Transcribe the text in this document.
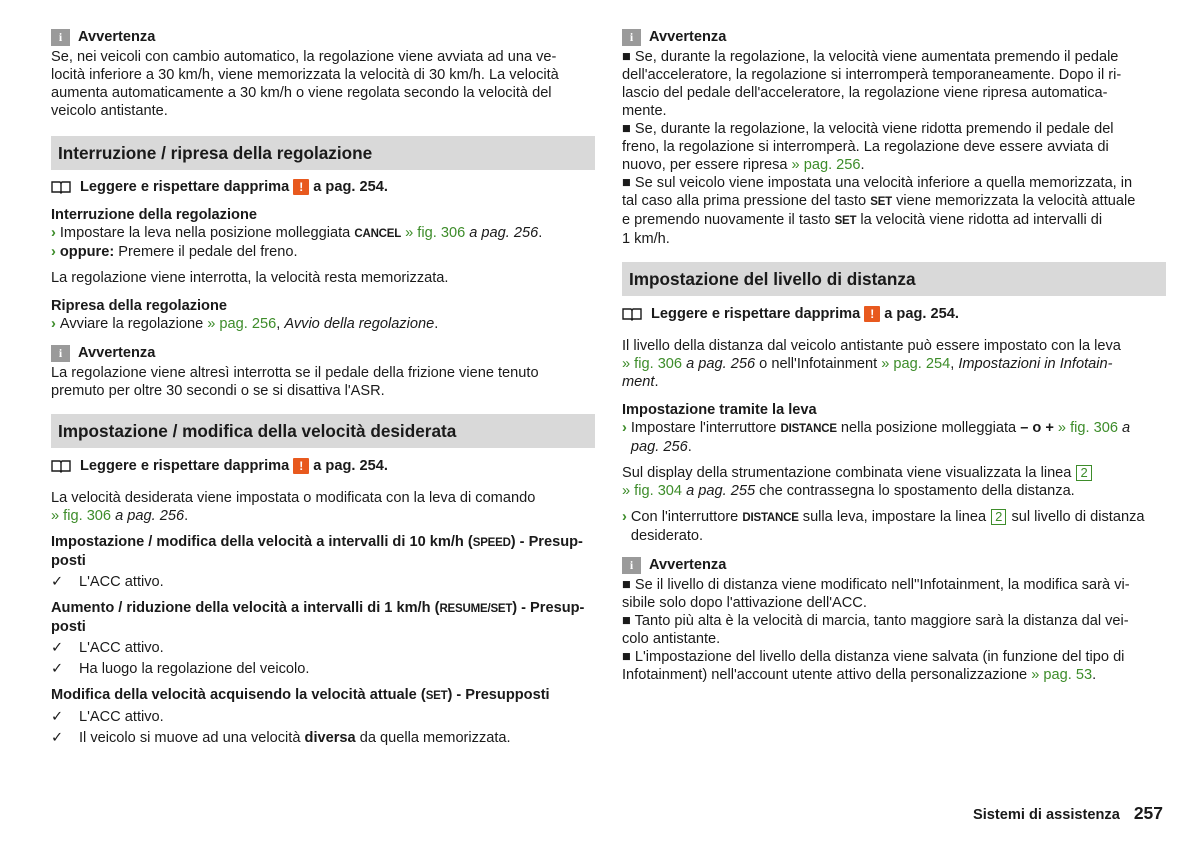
i	Avvertenza

Se, nei veicoli con cambio automatico, la regolazione viene avviata ad una ve-

locità inferiore a 30 km/h, viene memorizzata la velocità di 30 km/h. La velocità

aumenta automaticamente a 30 km/h o viene regolata secondo la velocità del

veicolo antistante.

Interruzione / ripresa della regolazione
Leggere e rispettare dapprima ! a pag. 254.

Interruzione della regolazione

› Impostare la leva nella posizione molleggiata CANCEL » fig. 306 a pag. 256.

› oppure: Premere il pedale del freno.

La regolazione viene interrotta, la velocità resta memorizzata.

Ripresa della regolazione

› Avviare la regolazione » pag. 256, Avvio della regolazione.

i	Avvertenza

La regolazione viene altresì interrotta se il pedale della frizione viene tenuto

premuto per oltre 30 secondi o se si disattiva l'ASR.

Impostazione / modifica della velocità desiderata
Leggere e rispettare dapprima ! a pag. 254.

La velocità desiderata viene impostata o modificata con la leva di comando

» fig. 306 a pag. 256.

Impostazione / modifica della velocità a intervalli di 10 km/h (SPEED) - Presup-

posti

✓	L'ACC attivo.

Aumento / riduzione della velocità a intervalli di 1 km/h (RESUME/SET) - Presup-

posti

✓	L'ACC attivo.
✓	Ha luogo la regolazione del veicolo.

Modifica della velocità acquisendo la velocità attuale (SET) - Presupposti

✓	L'ACC attivo.
✓	Il veicolo si muove ad una velocità diversa da quella memorizzata.
i	Avvertenza

■ Se, durante la regolazione, la velocità viene aumentata premendo il pedale

dell'acceleratore, la regolazione si interromperà temporaneamente. Dopo il ri-

lascio del pedale dell'acceleratore, la regolazione viene ripresa automatica-

mente.

■ Se, durante la regolazione, la velocità viene ridotta premendo il pedale del

freno, la regolazione si interromperà. La regolazione deve essere avviata di

nuovo, per essere ripresa » pag. 256.

■ Se sul veicolo viene impostata una velocità inferiore a quella memorizzata, in

tal caso alla prima pressione del tasto SET viene memorizzata la velocità attuale

e premendo nuovamente il tasto SET la velocità viene ridotta ad intervalli di

1 km/h.

Impostazione del livello di distanza
Leggere e rispettare dapprima ! a pag. 254.

Il livello della distanza dal veicolo antistante può essere impostato con la leva

» fig. 306 a pag. 256 o nell'Infotainment » pag. 254, Impostazioni in Infotain-

ment.

Impostazione tramite la leva

› Impostare l'interruttore DISTANCE nella posizione molleggiata – o + » fig. 306 a
pag. 256.

Sul display della strumentazione combinata viene visualizzata la linea 2

» fig. 304 a pag. 255 che contrassegna lo spostamento della distanza.

› Con l'interruttore DISTANCE sulla leva, impostare la linea 2 sul livello di distanza
desiderato.
i	Avvertenza

■ Se il livello di distanza viene modificato nell''Infotainment, la modifica sarà vi-

sibile solo dopo l'attivazione dell'ACC.

■ Tanto più alta è la velocità di marcia, tanto maggiore sarà la distanza dal vei-

colo antistante.

■ L'impostazione del livello della distanza viene salvata (in funzione del tipo di

Infotainment) nell'account utente attivo della personalizzazione » pag. 53.

Sistemi di assistenza 257
